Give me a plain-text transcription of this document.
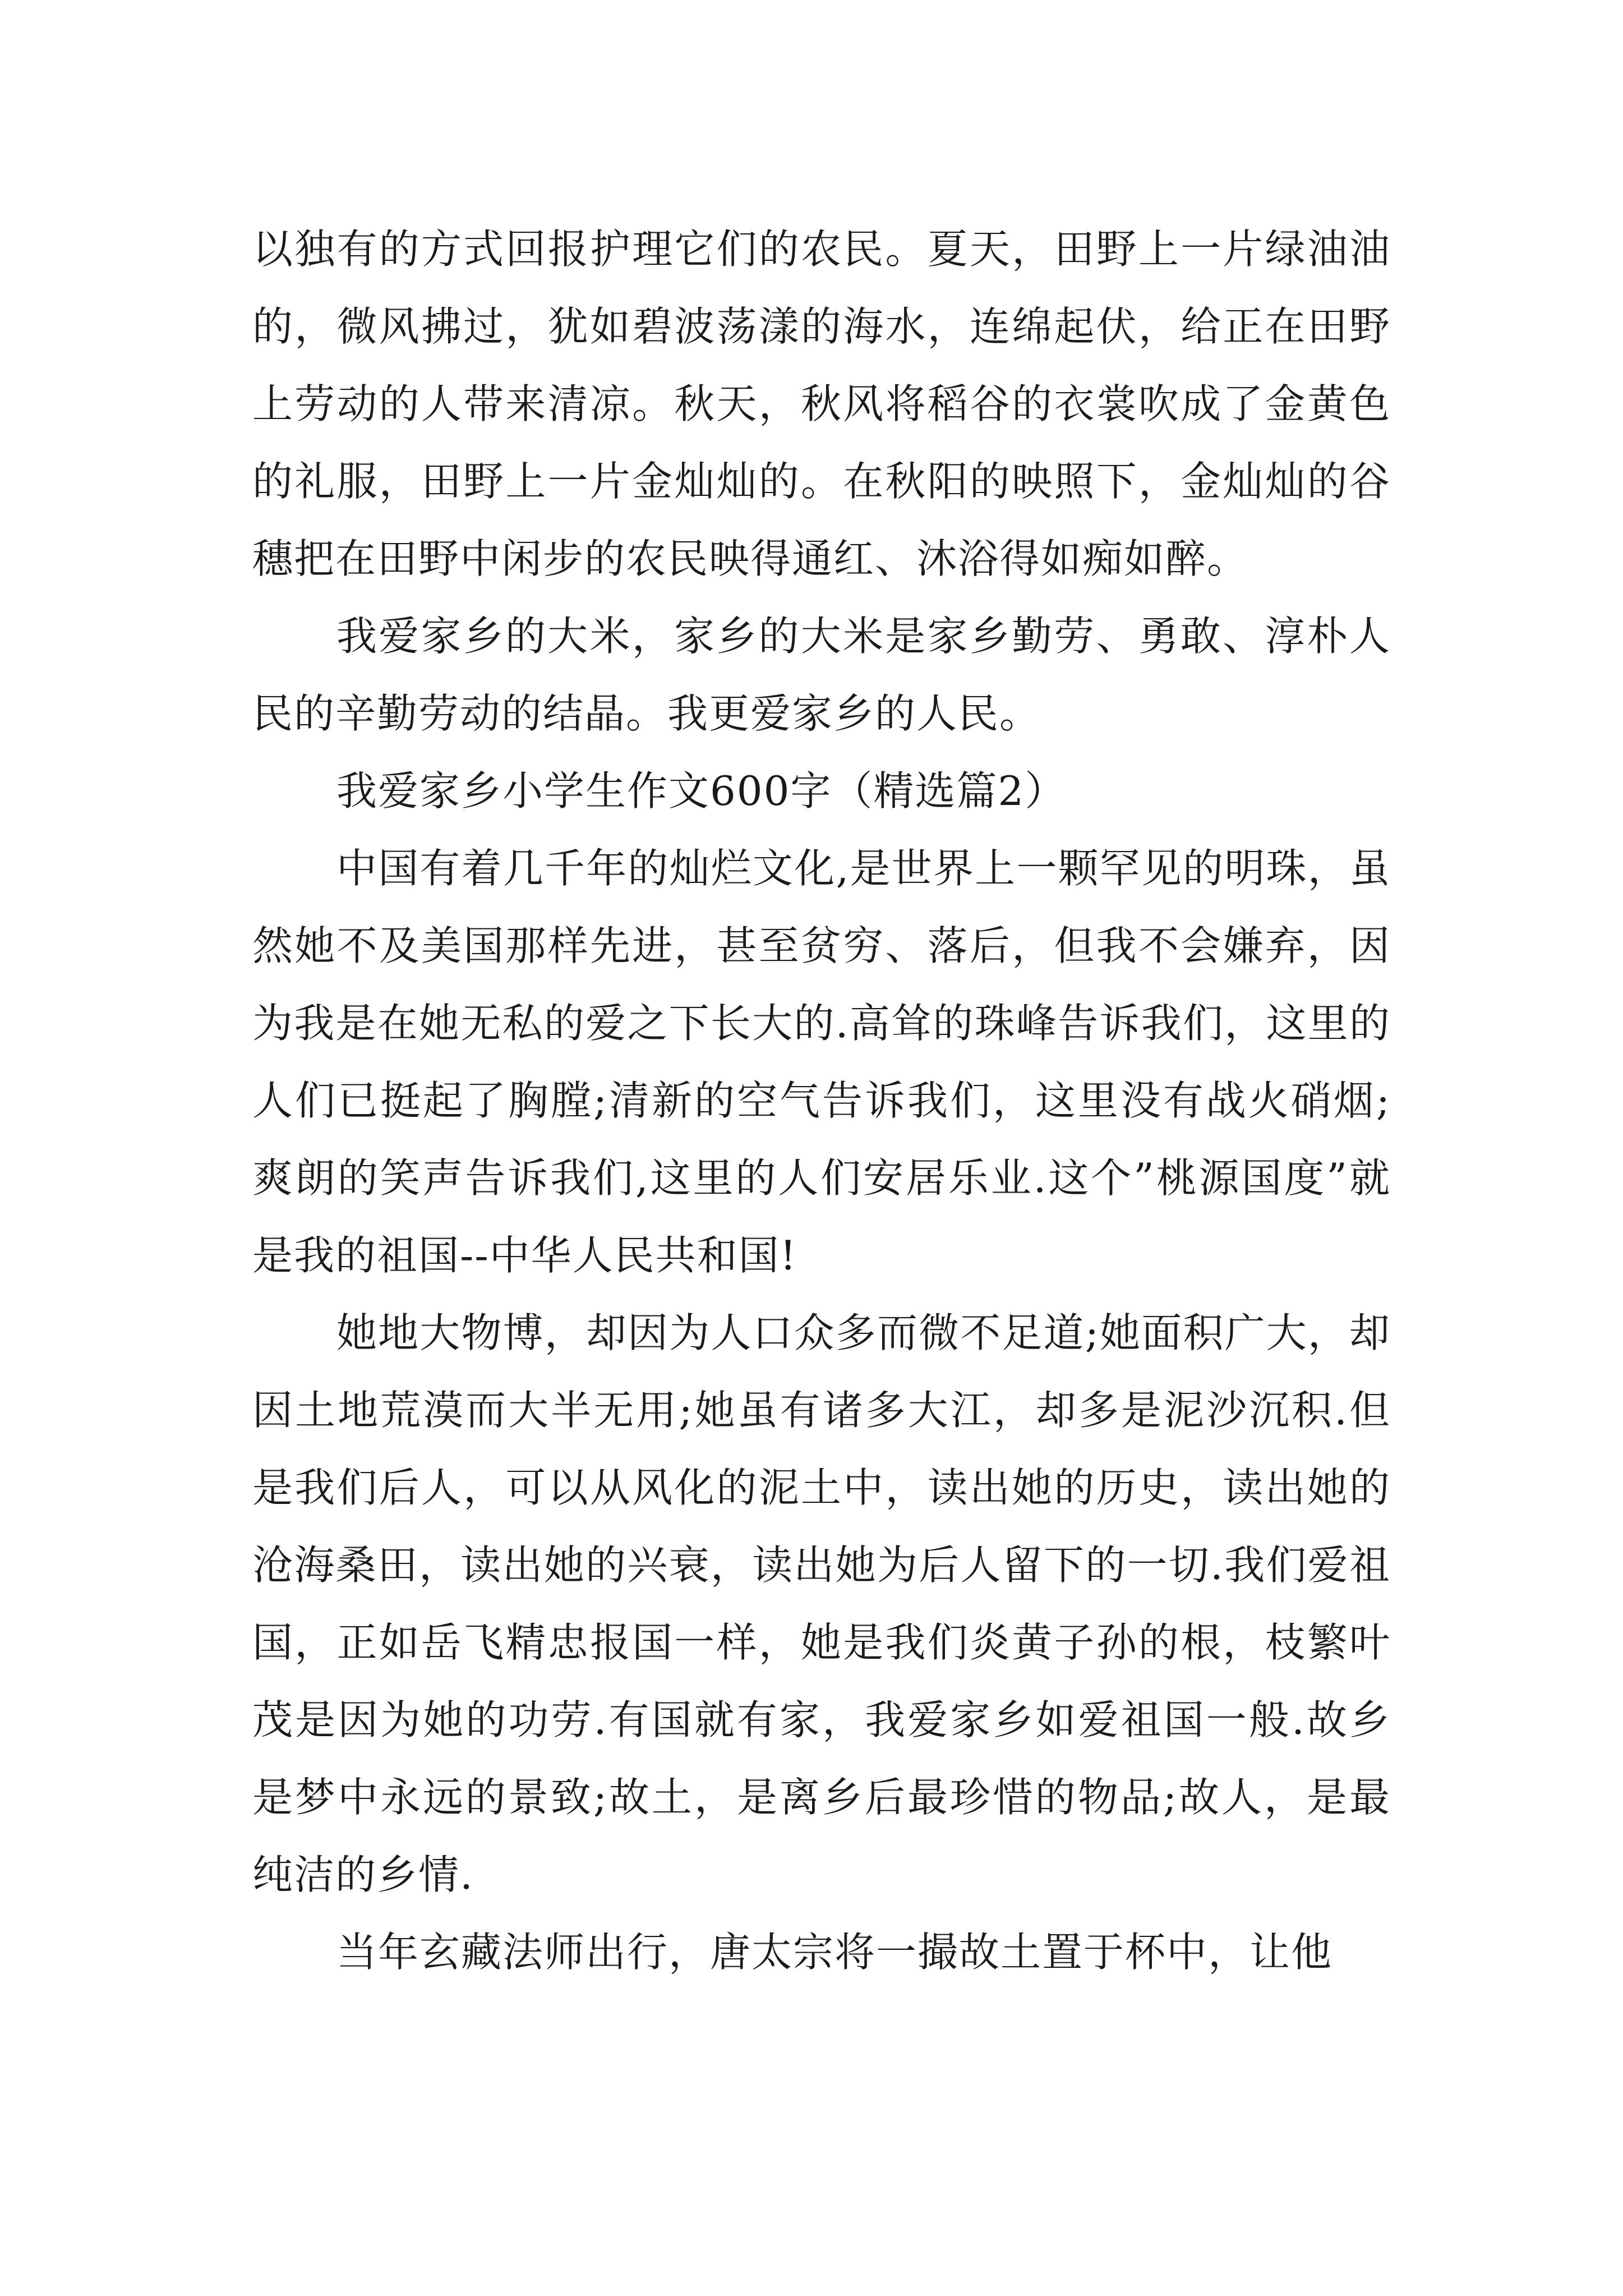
以独有的方式回报护理它们的农民。夏天，田野上一片绿油油的，微风拂过，犹如碧波荡漾的海水，连绵起伏，给正在田野上劳动的人带来清凉。秋天，秋风将稻谷的衣裳吹成了金黄色的礼服，田野上一片金灿灿的。在秋阳的映照下，金灿灿的谷穗把在田野中闲步的农民映得通红、沐浴得如痴如醉。

我爱家乡的大米，家乡的大米是家乡勤劳、勇敢、淳朴人民的辛勤劳动的结晶。我更爱家乡的人民。

我爱家乡小学生作文600字（精选篇2）

中国有着几千年的灿烂文化,是世界上一颗罕见的明珠，虽然她不及美国那样先进，甚至贫穷、落后，但我不会嫌弃，因为我是在她无私的爱之下长大的.高耸的珠峰告诉我们，这里的人们已挺起了胸膛;清新的空气告诉我们，这里没有战火硝烟;爽朗的笑声告诉我们,这里的人们安居乐业.这个”桃源国度”就是我的祖国--中华人民共和国!

她地大物博，却因为人口众多而微不足道;她面积广大，却因土地荒漠而大半无用;她虽有诸多大江，却多是泥沙沉积.但是我们后人，可以从风化的泥土中，读出她的历史，读出她的沧海桑田，读出她的兴衰，读出她为后人留下的一切.我们爱祖国，正如岳飞精忠报国一样，她是我们炎黄子孙的根，枝繁叶茂是因为她的功劳.有国就有家，我爱家乡如爱祖国一般.故乡是梦中永远的景致;故土，是离乡后最珍惜的物品;故人，是最纯洁的乡情.

当年玄藏法师出行，唐太宗将一撮故土置于杯中，让他
